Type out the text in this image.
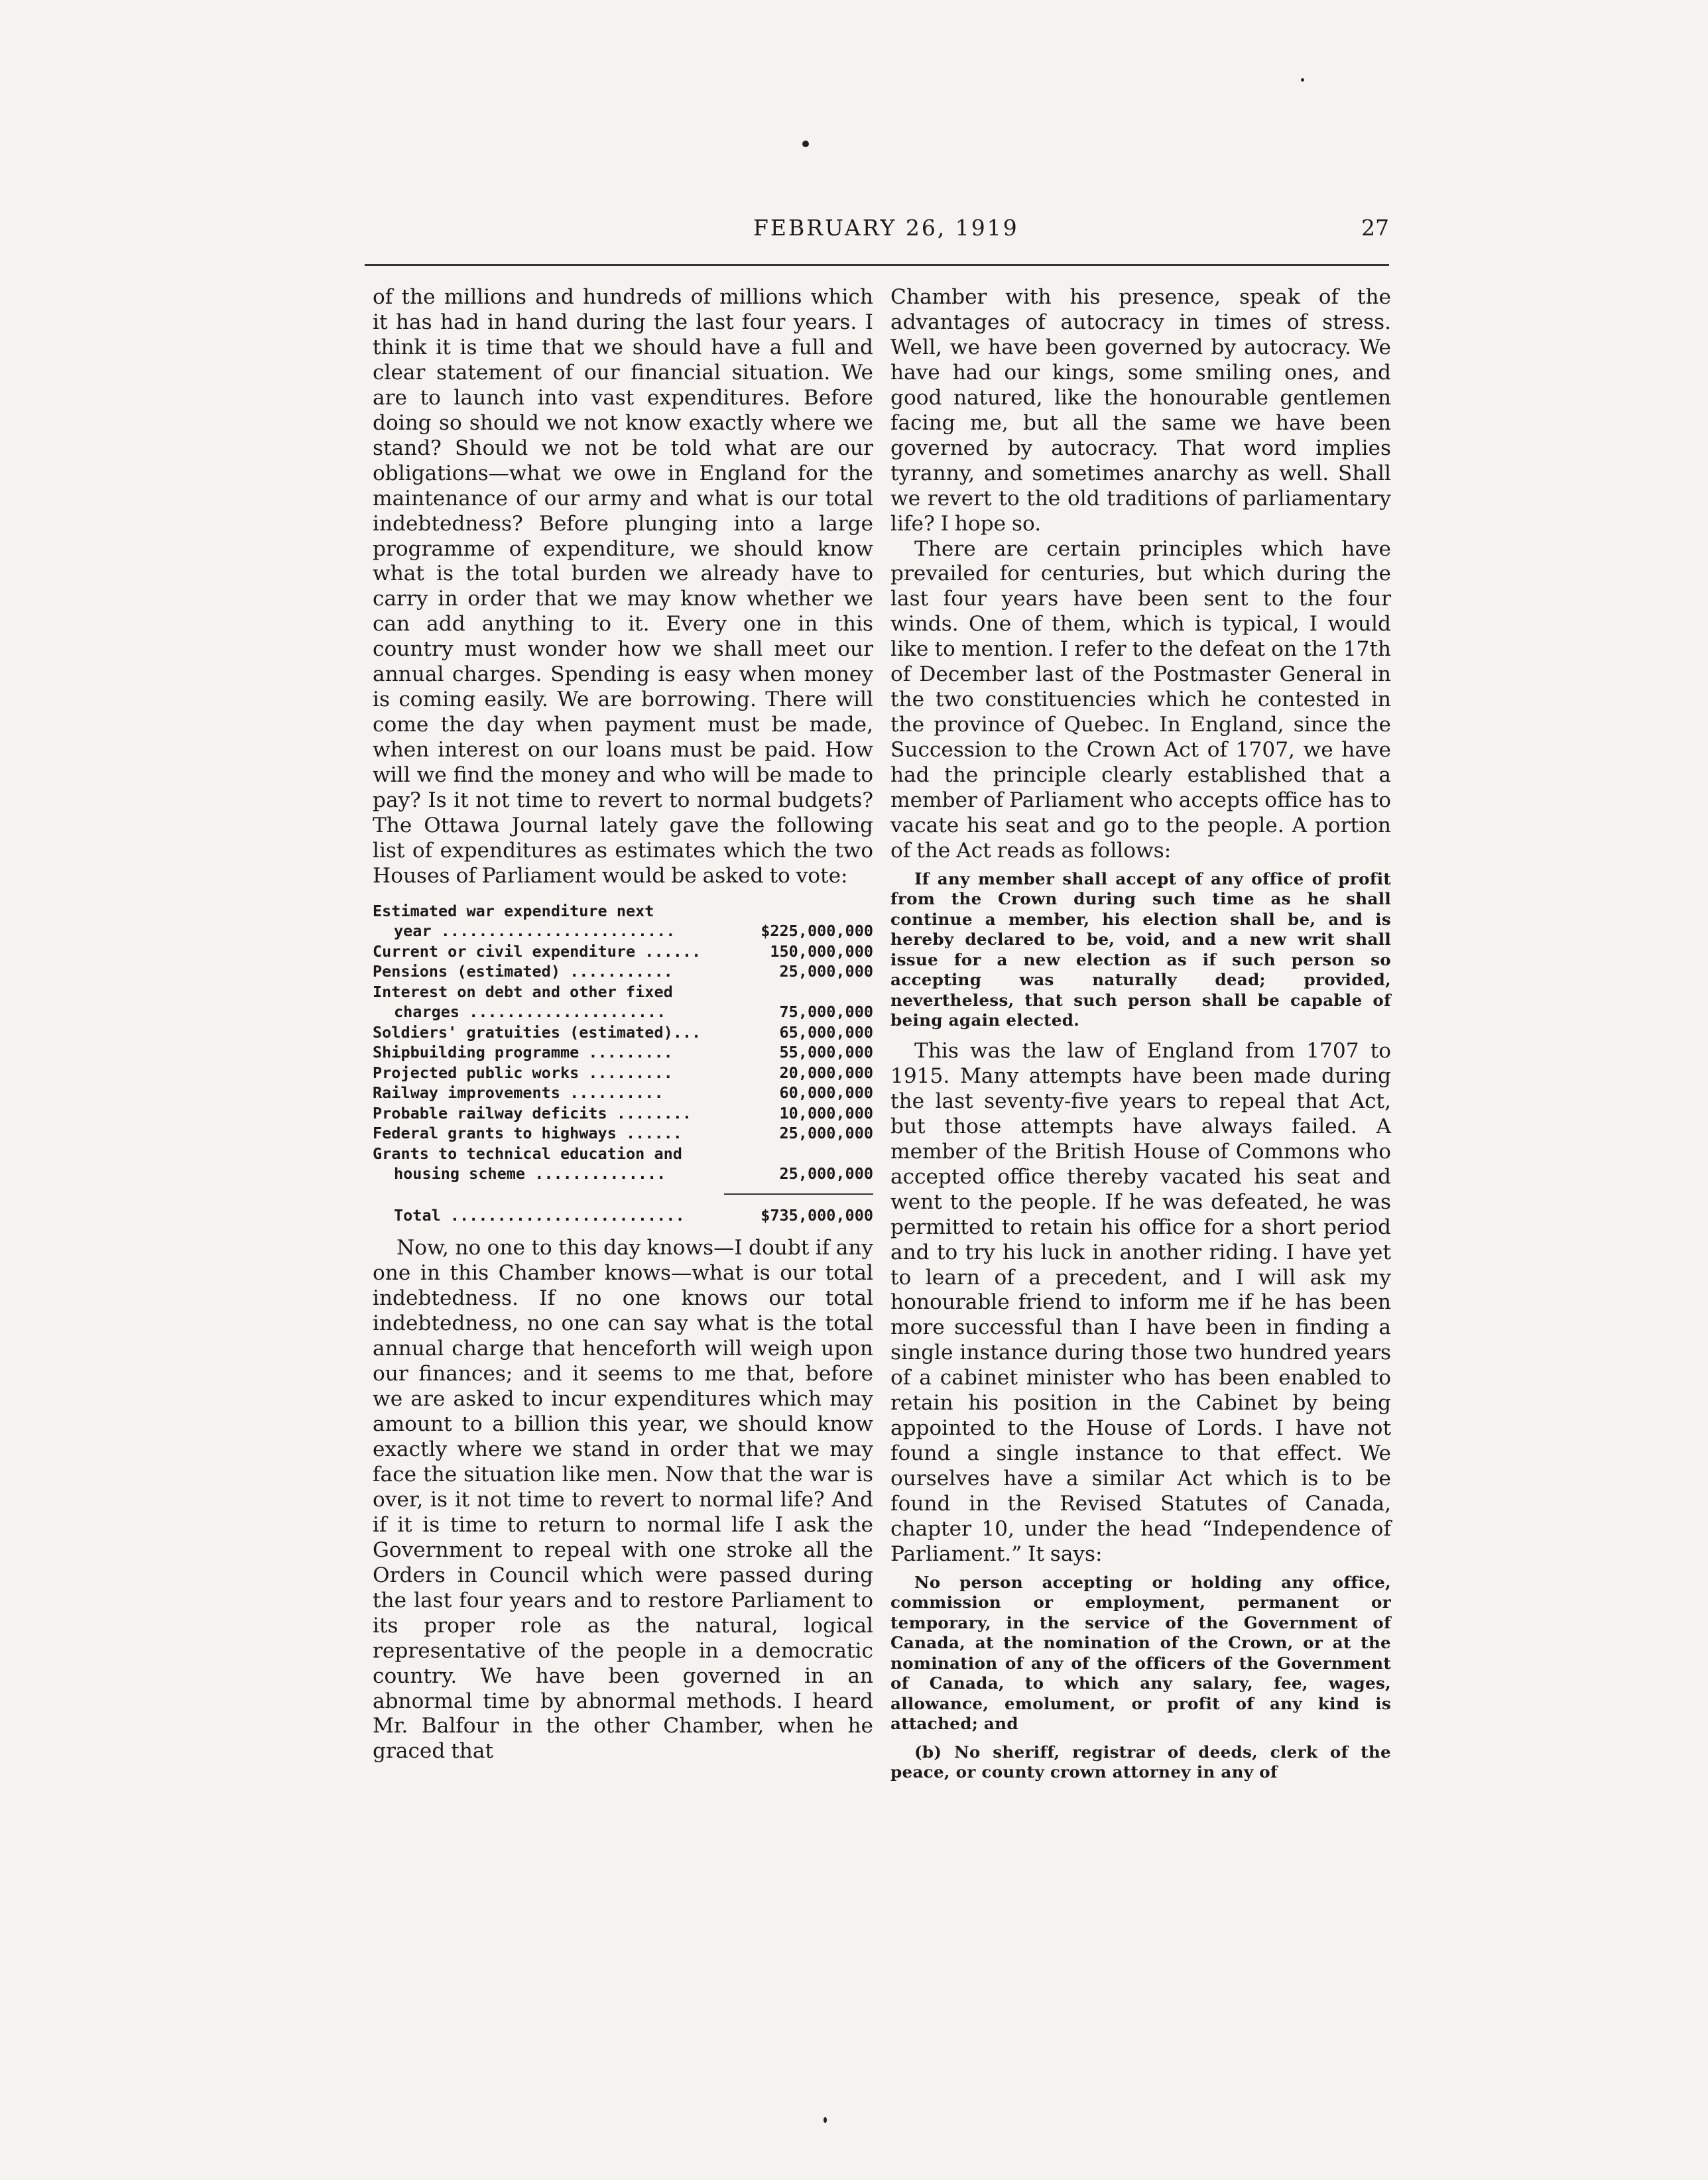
FEBRUARY 26, 1919	27

of the millions and hundreds of millions which it has had in hand during the last four years. I think it is time that we should have a full and clear statement of our financial situation. We are to launch into vast expenditures. Before doing so should we not know exactly where we stand? Should we not be told what are our obligations—what we owe in England for the maintenance of our army and what is our total indebtedness? Before plunging into a large programme of expenditure, we should know what is the total burden we already have to carry in order that we may know whether we can add anything to it. Every one in this country must wonder how we shall meet our annual charges. Spending is easy when money is coming easily. We are borrowing. There will come the day when payment must be made, when interest on our loans must be paid. How will we find the money and who will be made to pay? Is it not time to revert to normal budgets? The Ottawa Journal lately gave the following list of expenditures as estimates which the two Houses of Parliament would be asked to vote:

Estimated war expenditure next
year .........................	$225,000,000
Current or civil expenditure ......	150,000,000
Pensions (estimated) ...........	25,000,000
Interest on debt and other fixed
charges .....................	75,000,000
Soldiers' gratuities (estimated)...	65,000,000
Shipbuilding programme .........	55,000,000
Projected public works .........	20,000,000
Railway improvements ..........	60,000,000
Probable railway deficits ........	10,000,000
Federal grants to highways ......	25,000,000
Grants to technical education and
housing scheme ..............	25,000,000
Total .........................	$735,000,000

Now, no one to this day knows—I doubt if any one in this Chamber knows—what is our total indebtedness. If no one knows our total indebtedness, no one can say what is the total annual charge that henceforth will weigh upon our finances; and it seems to me that, before we are asked to incur expenditures which may amount to a billion this year, we should know exactly where we stand in order that we may face the situation like men. Now that the war is over, is it not time to revert to normal life? And if it is time to return to normal life I ask the Government to repeal with one stroke all the Orders in Council which were passed during the last four years and to restore Parliament to its proper role as the natural, logical representative of the people in a democratic country. We have been governed in an abnormal time by abnormal methods. I heard Mr. Balfour in the other Chamber, when he graced that

Chamber with his presence, speak of the advantages of autocracy in times of stress. Well, we have been governed by autocracy. We have had our kings, some smiling ones, and good natured, like the honourable gentlemen facing me, but all the same we have been governed by autocracy. That word implies tyranny, and sometimes anarchy as well. Shall we revert to the old traditions of parliamentary life? I hope so.

There are certain principles which have prevailed for centuries, but which during the last four years have been sent to the four winds. One of them, which is typical, I would like to mention. I refer to the defeat on the 17th of December last of the Postmaster General in the two constituencies which he contested in the province of Quebec. In England, since the Succession to the Crown Act of 1707, we have had the principle clearly established that a member of Parliament who accepts office has to vacate his seat and go to the people. A portion of the Act reads as follows:

If any member shall accept of any office of profit from the Crown during such time as he shall continue a member, his election shall be, and is hereby declared to be, void, and a new writ shall issue for a new election as if such person so accepting was naturally dead; provided, nevertheless, that such person shall be capable of being again elected.

This was the law of England from 1707 to 1915. Many attempts have been made during the last seventy-five years to repeal that Act, but those attempts have always failed. A member of the British House of Commons who accepted office thereby vacated his seat and went to the people. If he was defeated, he was permitted to retain his office for a short period and to try his luck in another riding. I have yet to learn of a precedent, and I will ask my honourable friend to inform me if he has been more successful than I have been in finding a single instance during those two hundred years of a cabinet minister who has been enabled to retain his position in the Cabinet by being appointed to the House of Lords. I have not found a single instance to that effect. We ourselves have a similar Act which is to be found in the Revised Statutes of Canada, chapter 10, under the head “Independence of Parliament.” It says:

No person accepting or holding any office, commission or employment, permanent or temporary, in the service of the Government of Canada, at the nomination of the Crown, or at the nomination of any of the officers of the Government of Canada, to which any salary, fee, wages, allowance, emolument, or profit of any kind is attached; and

(b) No sheriff, registrar of deeds, clerk of the peace, or county crown attorney in any of
